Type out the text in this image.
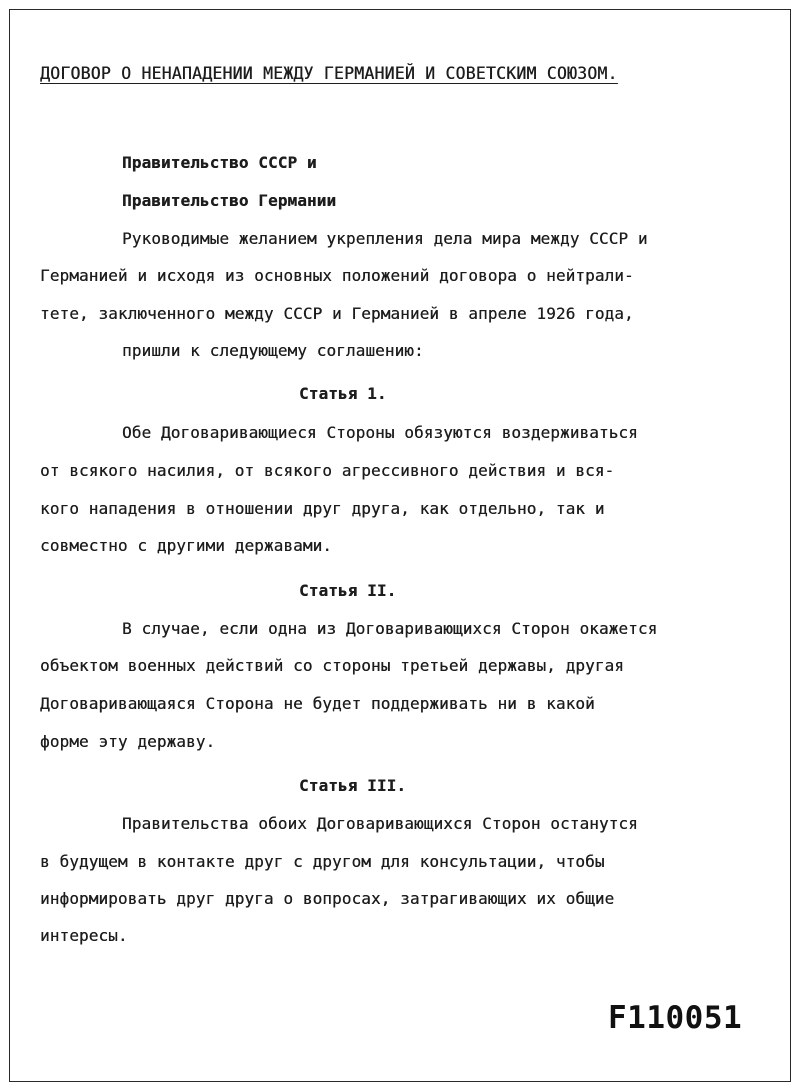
ДОГОВОР О НЕНАПАДЕНИИ МЕЖДУ ГЕРМАНИЕЙ И СОВЕТСКИМ СОЮЗОМ.
Правительство СССР и
Правительство Германии
Руководимые желанием укрепления дела мира между СССР и
Германией и исходя из основных положений договора о нейтрали-
тете, заключенного между СССР и Германией в апреле 1926 года,
пришли к следующему соглашению:
Статья 1.
Обе Договаривающиеся Стороны обязуются воздерживаться
от всякого насилия, от всякого агрессивного действия и вся-
кого нападения в отношении друг друга, как отдельно, так и
совместно с другими державами.
Статья II.
В случае, если одна из Договаривающихся Сторон окажется
объектом военных действий со стороны третьей державы, другая
Договаривающаяся Сторона не будет поддерживать ни в какой
форме эту державу.
Статья III.
Правительства обоих Договаривающихся Сторон останутся
в будущем в контакте друг с другом для консультации, чтобы
информировать друг друга о вопросах, затрагивающих их общие
интересы.
F110051
